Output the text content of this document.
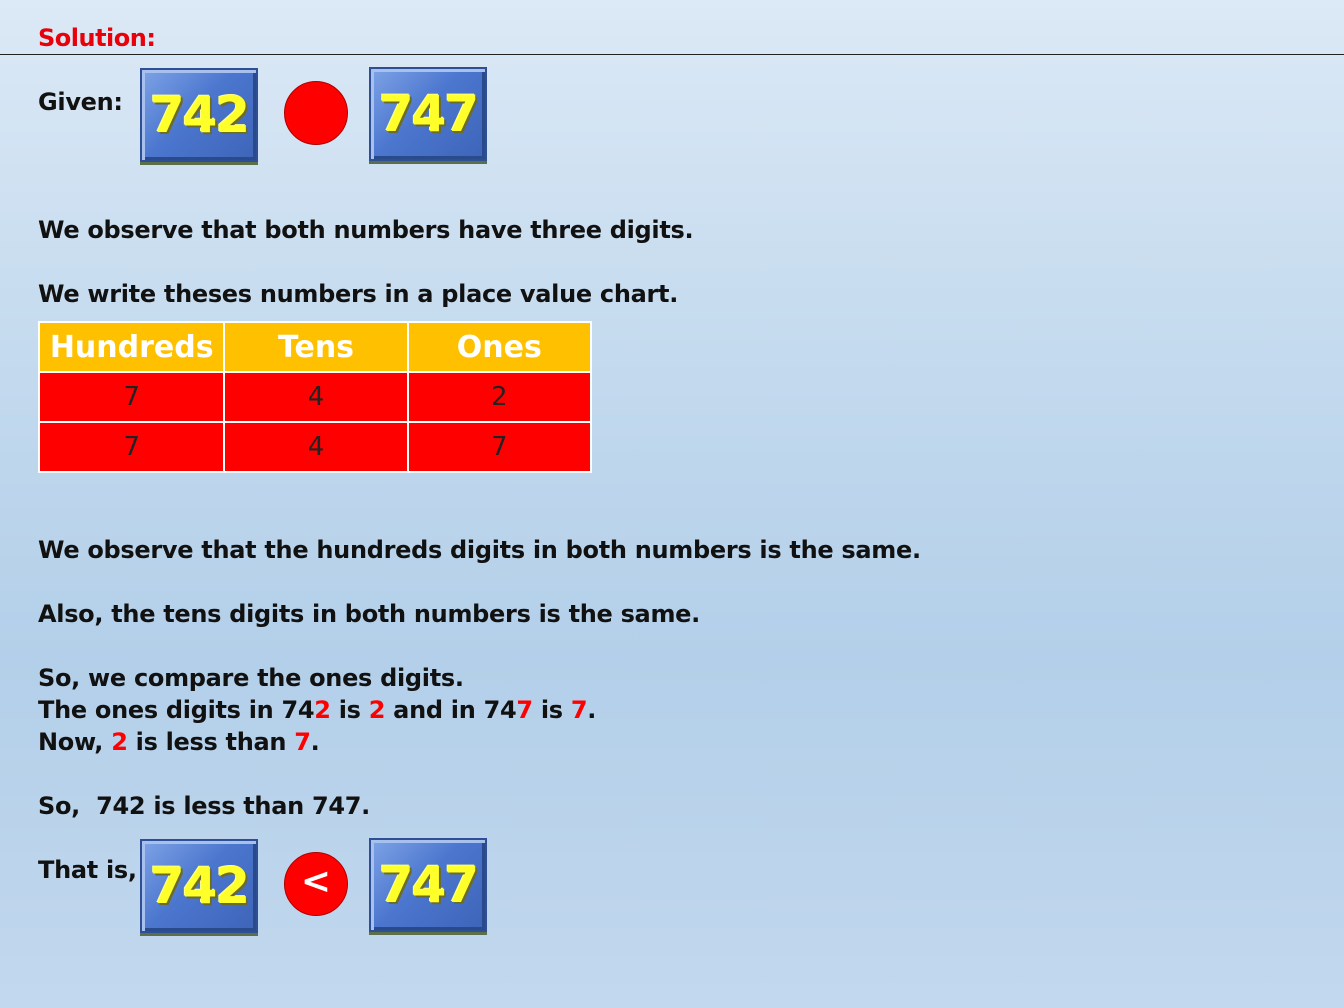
Solution:
Given: 742	747
We observe that both numbers have three digits.
We write theses numbers in a place value chart.
Hundreds	Tens	Ones
7	4	2
7	4	7
We observe that the hundreds digits in both numbers is the same.
Also, the tens digits in both numbers is the same.
So, we compare the ones digits.
The ones digits in 742 is 2 and in 747 is 7.
Now, 2 is less than 7.
So,  742 is less than 747.
That is, 742 < 747
